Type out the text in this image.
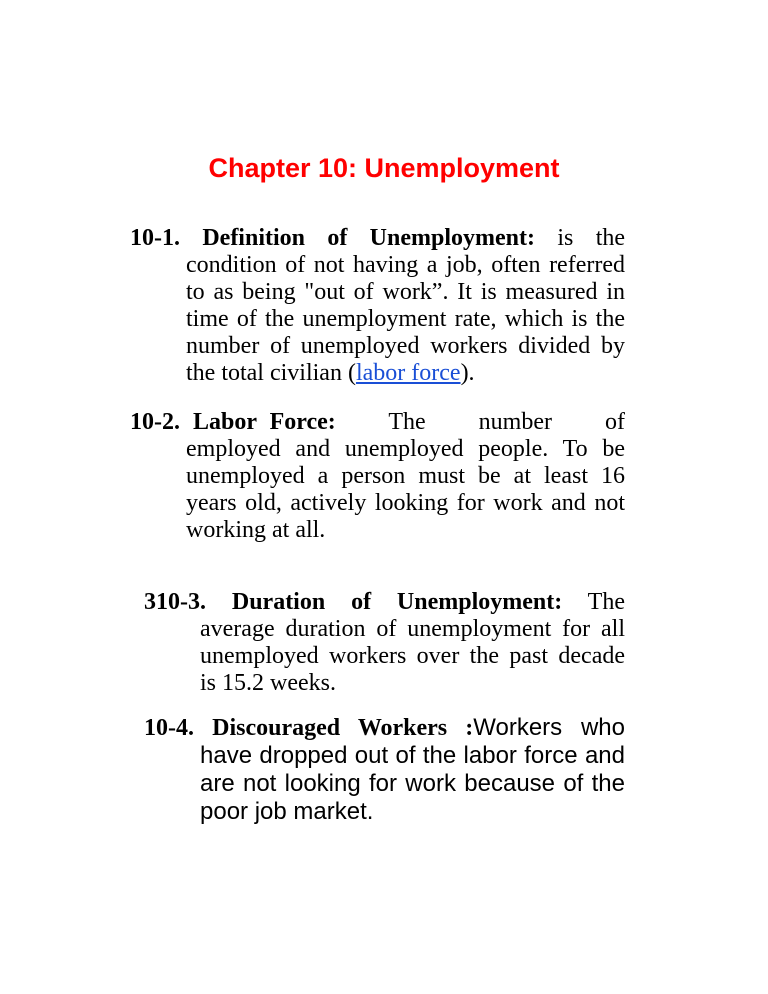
Chapter 10: Unemployment

10-1. Definition of Unemployment: is the condition of not having a job, often referred to as being "out of work”. It is measured in time of the unemployment rate, which is the number of unemployed workers divided by the total civilian (labor force).

10-2. Labor Force: The number of employed and unemployed people. To be unemployed a person must be at least 16 years old, actively looking for work and not working at all.

310-3. Duration of Unemployment: The average duration of unemployment for all unemployed workers over the past decade is 15.2 weeks.

10-4. Discouraged Workers :Workers who have dropped out of the labor force and are not looking for work because of the poor job market.
